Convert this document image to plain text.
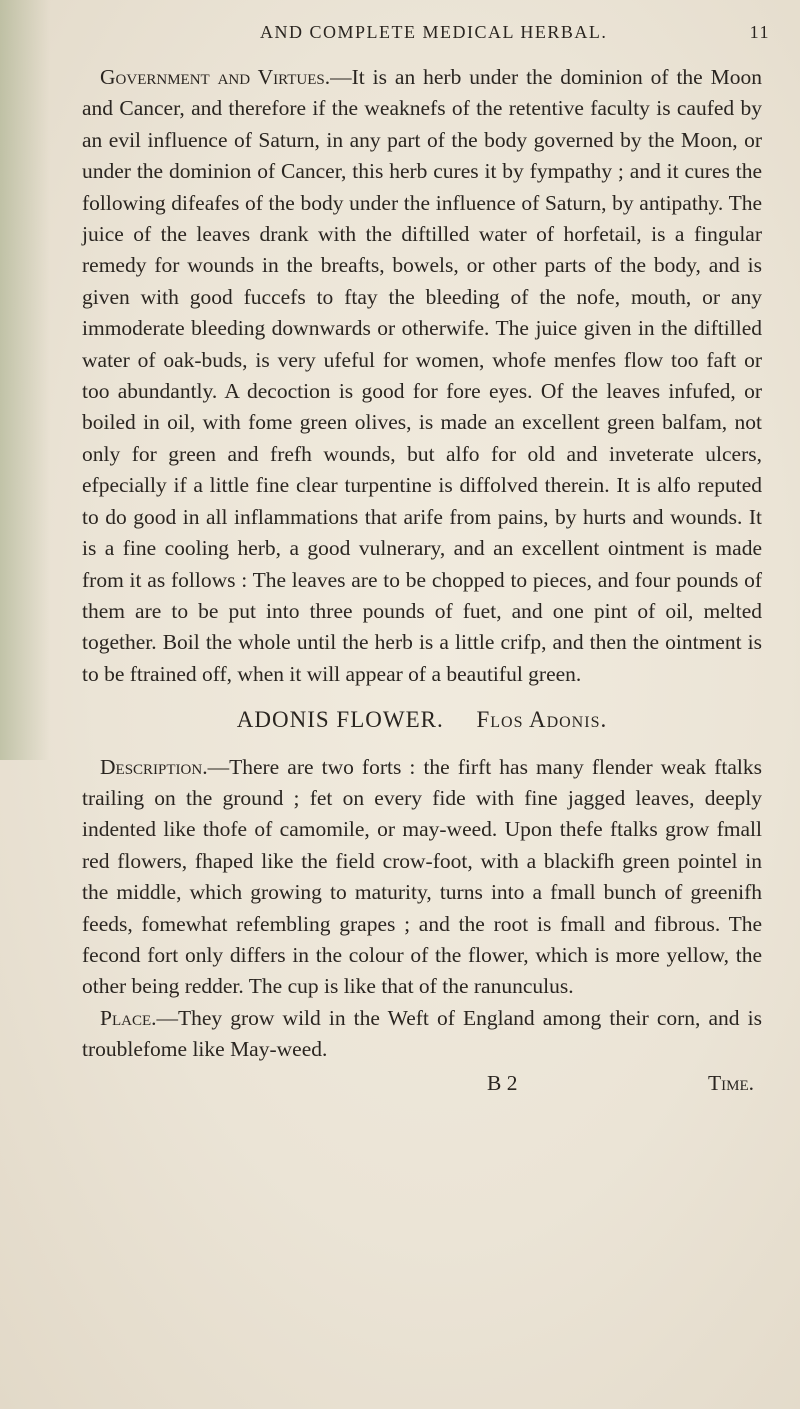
AND COMPLETE MEDICAL HERBAL.	11

Government and Virtues.—It is an herb under the dominion of the Moon and Cancer, and therefore if the weaknefs of the retentive faculty is caufed by an evil influence of Saturn, in any part of the body governed by the Moon, or under the dominion of Cancer, this herb cures it by fympathy ; and it cures the following difeafes of the body under the influence of Saturn, by antipathy. The juice of the leaves drank with the diftilled water of horfetail, is a fingular remedy for wounds in the breafts, bowels, or other parts of the body, and is given with good fuccefs to ftay the bleeding of the nofe, mouth, or any immoderate bleeding downwards or otherwife. The juice given in the diftilled water of oak-buds, is very ufeful for women, whofe menfes flow too faft or too abundantly. A decoction is good for fore eyes. Of the leaves infufed, or boiled in oil, with fome green olives, is made an excellent green balfam, not only for green and frefh wounds, but alfo for old and inveterate ulcers, efpecially if a little fine clear turpentine is diffolved therein. It is alfo reputed to do good in all inflammations that arife from pains, by hurts and wounds. It is a fine cooling herb, a good vulnerary, and an excellent ointment is made from it as follows : The leaves are to be chopped to pieces, and four pounds of them are to be put into three pounds of fuet, and one pint of oil, melted together. Boil the whole until the herb is a little crifp, and then the ointment is to be ftrained off, when it will appear of a beautiful green.

ADONIS FLOWER. Flos Adonis.

Description.—There are two forts : the firft has many flender weak ftalks trailing on the ground ; fet on every fide with fine jagged leaves, deeply indented like thofe of camomile, or may-weed. Upon thefe ftalks grow fmall red flowers, fhaped like the field crow-foot, with a blackifh green pointel in the middle, which growing to maturity, turns into a fmall bunch of greenifh feeds, fomewhat refembling grapes ; and the root is fmall and fibrous. The fecond fort only differs in the colour of the flower, which is more yellow, the other being redder. The cup is like that of the ranunculus.

Place.—They grow wild in the Weft of England among their corn, and is troublefome like May-weed.

B 2	Time.
